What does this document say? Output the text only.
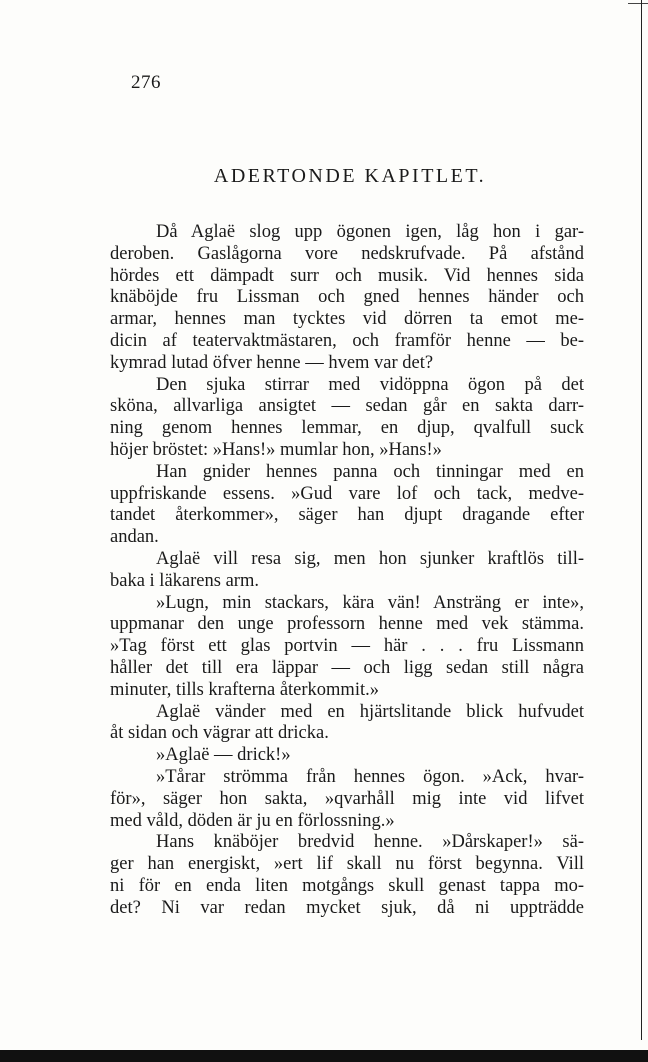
276
ADERTONDE KAPITLET.
Då Aglaë slog upp ögonen igen, låg hon i gar-
deroben. Gaslågorna vore nedskrufvade. På afstånd
hördes ett dämpadt surr och musik. Vid hennes sida
knäböjde fru Lissman och gned hennes händer och
armar, hennes man tycktes vid dörren ta emot me-
dicin af teatervaktmästaren, och framför henne — be-
kymrad lutad öfver henne — hvem var det?
Den sjuka stirrar med vidöppna ögon på det
sköna, allvarliga ansigtet — sedan går en sakta darr-
ning genom hennes lemmar, en djup, qvalfull suck
höjer bröstet: »Hans!» mumlar hon, »Hans!»
Han gnider hennes panna och tinningar med en
uppfriskande essens. »Gud vare lof och tack, medve-
tandet återkommer», säger han djupt dragande efter
andan.
Aglaë vill resa sig, men hon sjunker kraftlös till-
baka i läkarens arm.
»Lugn, min stackars, kära vän! Ansträng er inte»,
uppmanar den unge professorn henne med vek stämma.
»Tag först ett glas portvin — här . . . fru Lissmann
håller det till era läppar — och ligg sedan still några
minuter, tills krafterna återkommit.»
Aglaë vänder med en hjärtslitande blick hufvudet
åt sidan och vägrar att dricka.
»Aglaë — drick!»
»Tårar strömma från hennes ögon. »Ack, hvar-
för», säger hon sakta, »qvarhåll mig inte vid lifvet
med våld, döden är ju en förlossning.»
Hans knäböjer bredvid henne. »Dårskaper!» sä-
ger han energiskt, »ert lif skall nu först begynna. Vill
ni för en enda liten motgångs skull genast tappa mo-
det? Ni var redan mycket sjuk, då ni uppträdde
